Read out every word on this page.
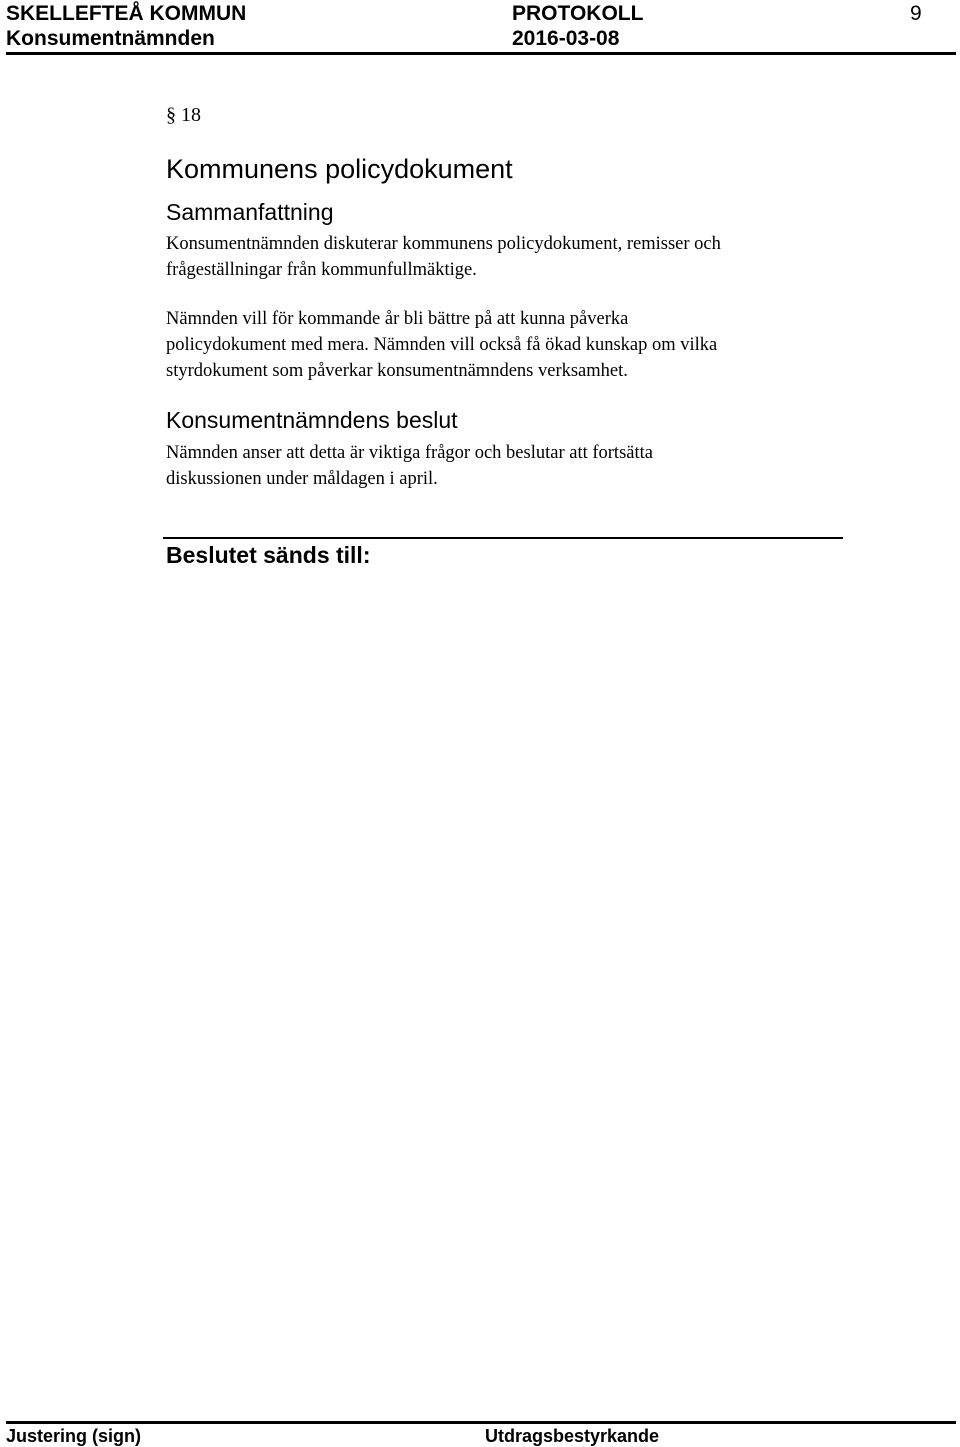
SKELLEFTEÅ KOMMUN	PROTOKOLL	9
Konsumentnämnden	2016-03-08
§ 18
Kommunens policydokument
Sammanfattning
Konsumentnämnden diskuterar kommunens policydokument, remisser och
frågeställningar från kommunfullmäktige.
Nämnden vill för kommande år bli bättre på att kunna påverka
policydokument med mera. Nämnden vill också få ökad kunskap om vilka
styrdokument som påverkar konsumentnämndens verksamhet.
Konsumentnämndens beslut
Nämnden anser att detta är viktiga frågor och beslutar att fortsätta
diskussionen under måldagen i april.
Beslutet sänds till:
Justering (sign)	Utdragsbestyrkande
